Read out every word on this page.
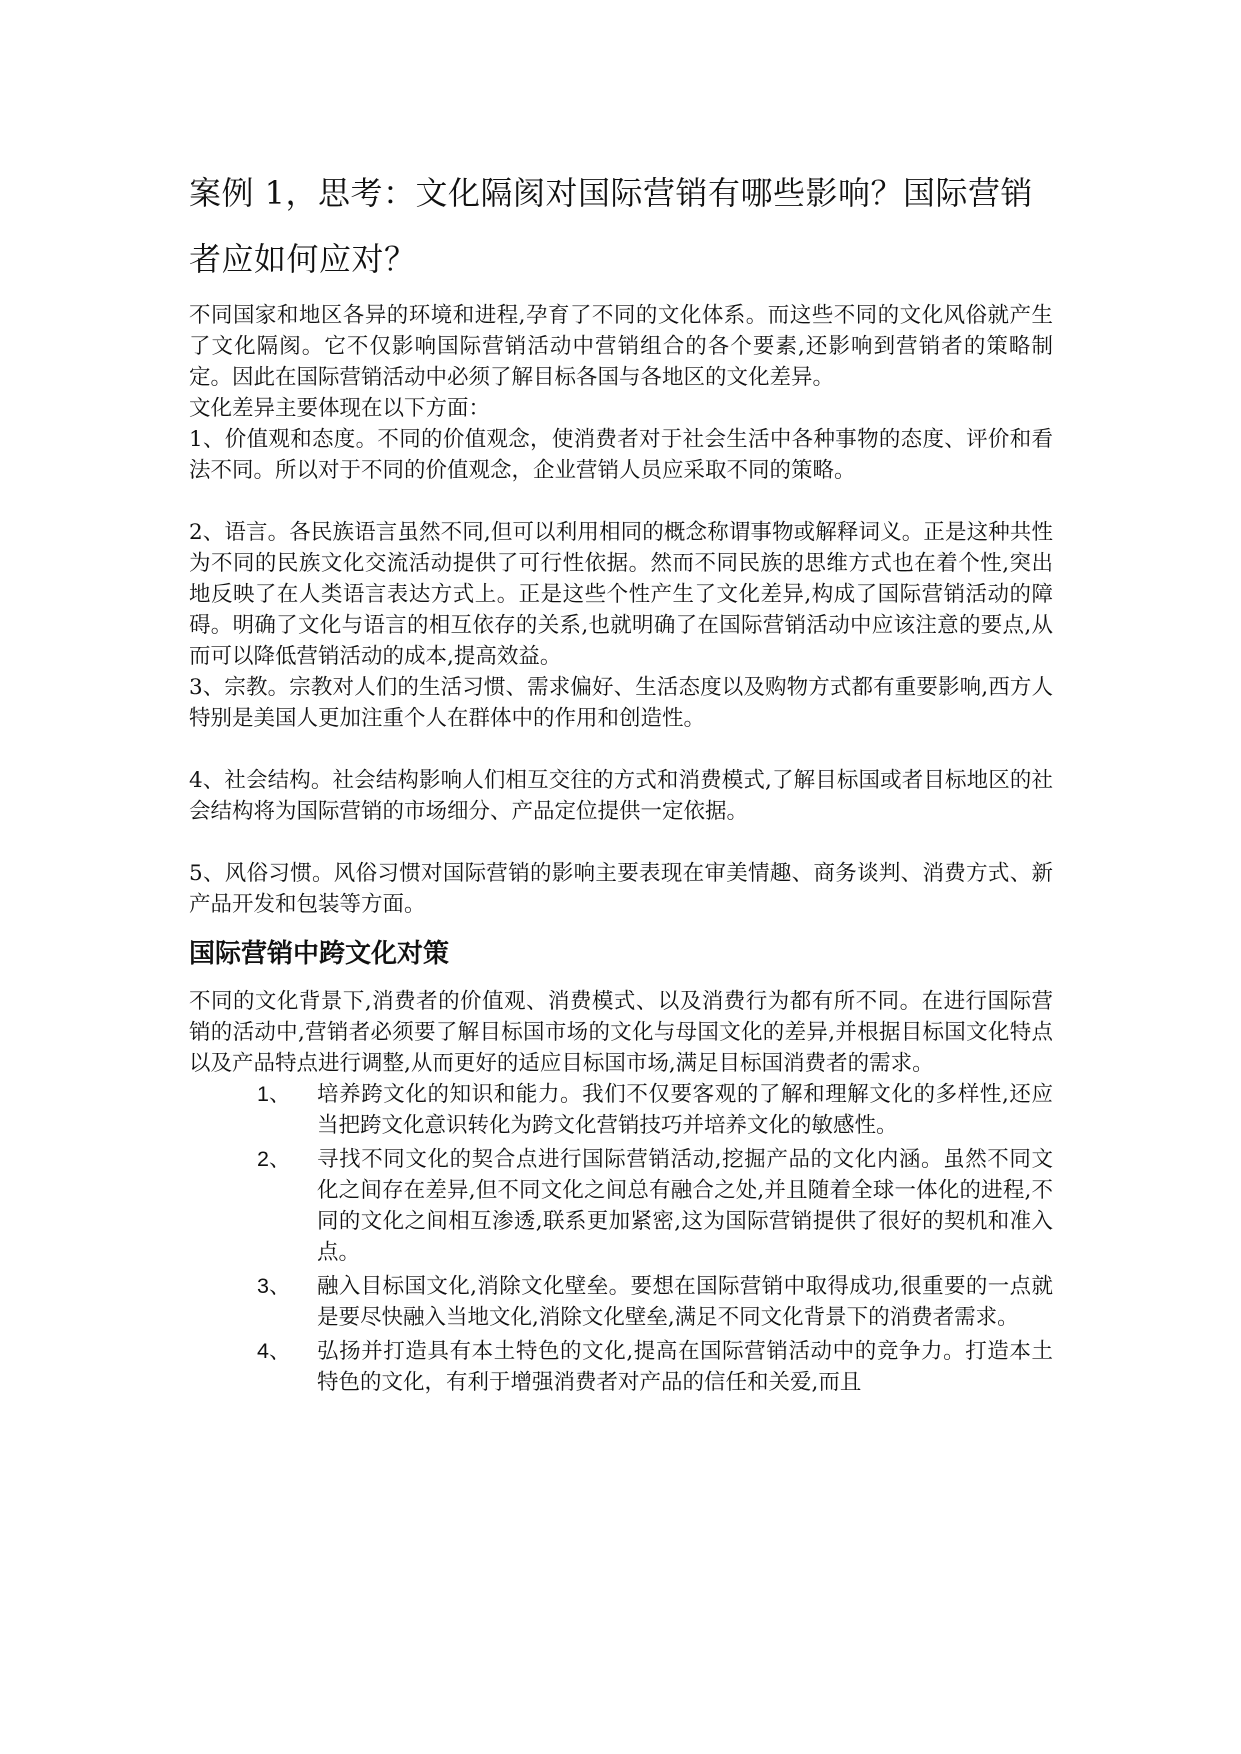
案例 1，思考：文化隔阂对国际营销有哪些影响？国际营销者应如何应对？

不同国家和地区各异的环境和进程,孕育了不同的文化体系。而这些不同的文化风俗就产生了文化隔阂。它不仅影响国际营销活动中营销组合的各个要素,还影响到营销者的策略制定。因此在国际营销活动中必须了解目标各国与各地区的文化差异。

文化差异主要体现在以下方面：

1、价值观和态度。不同的价值观念，使消费者对于社会生活中各种事物的态度、评价和看法不同。所以对于不同的价值观念，企业营销人员应采取不同的策略。

2、语言。各民族语言虽然不同,但可以利用相同的概念称谓事物或解释词义。正是这种共性为不同的民族文化交流活动提供了可行性依据。然而不同民族的思维方式也在着个性,突出地反映了在人类语言表达方式上。正是这些个性产生了文化差异,构成了国际营销活动的障碍。明确了文化与语言的相互依存的关系,也就明确了在国际营销活动中应该注意的要点,从而可以降低营销活动的成本,提高效益。

3、宗教。宗教对人们的生活习惯、需求偏好、生活态度以及购物方式都有重要影响,西方人特别是美国人更加注重个人在群体中的作用和创造性。

4、社会结构。社会结构影响人们相互交往的方式和消费模式,了解目标国或者目标地区的社会结构将为国际营销的市场细分、产品定位提供一定依据。

5、风俗习惯。风俗习惯对国际营销的影响主要表现在审美情趣、商务谈判、消费方式、新产品开发和包装等方面。

国际营销中跨文化对策

不同的文化背景下,消费者的价值观、消费模式、以及消费行为都有所不同。在进行国际营销的活动中,营销者必须要了解目标国市场的文化与母国文化的差异,并根据目标国文化特点以及产品特点进行调整,从而更好的适应目标国市场,满足目标国消费者的需求。

1、	培养跨文化的知识和能力。我们不仅要客观的了解和理解文化的多样性,还应当把跨文化意识转化为跨文化营销技巧并培养文化的敏感性。
2、	寻找不同文化的契合点进行国际营销活动,挖掘产品的文化内涵。虽然不同文化之间存在差异,但不同文化之间总有融合之处,并且随着全球一体化的进程,不同的文化之间相互渗透,联系更加紧密,这为国际营销提供了很好的契机和准入点。
3、	融入目标国文化,消除文化壁垒。要想在国际营销中取得成功,很重要的一点就是要尽快融入当地文化,消除文化壁垒,满足不同文化背景下的消费者需求。
4、	弘扬并打造具有本土特色的文化,提高在国际营销活动中的竞争力。打造本土特色的文化，有利于增强消费者对产品的信任和关爱,而且
